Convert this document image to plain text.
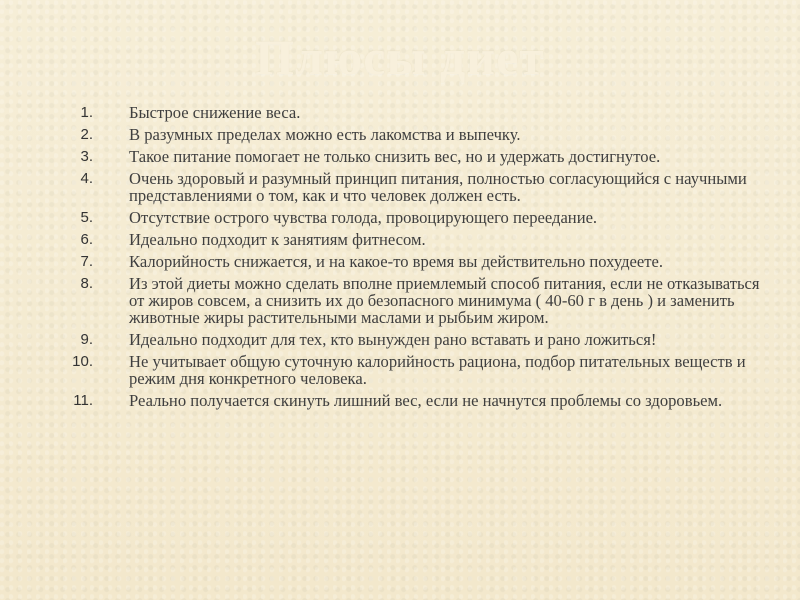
Плюсы диет
1. Быстрое снижение веса.
2. В разумных пределах можно есть лакомства и выпечку.
3. Такое питание помогает не только снизить вес, но и удержать достигнутое.
4. Очень здоровый и разумный принцип питания, полностью согласующийся с научными представлениями о том, как и что человек должен есть.
5. Отсутствие острого чувства голода, провоцирующего переедание.
6. Идеально подходит к занятиям фитнесом.
7. Калорийность снижается, и на какое-то время вы действительно похудеете.
8. Из этой диеты можно сделать вполне приемлемый способ питания, если не отказываться от жиров совсем, а снизить их до безопасного минимума ( 40-60 г в день ) и заменить животные жиры растительными маслами и рыбьим жиром.
9. Идеально подходит для тех, кто вынужден рано вставать и рано ложиться!
10. Не учитывает общую суточную калорийность рациона, подбор питательных веществ и режим дня конкретного человека.
11. Реально получается скинуть лишний вес, если не начнутся проблемы со здоровьем.
